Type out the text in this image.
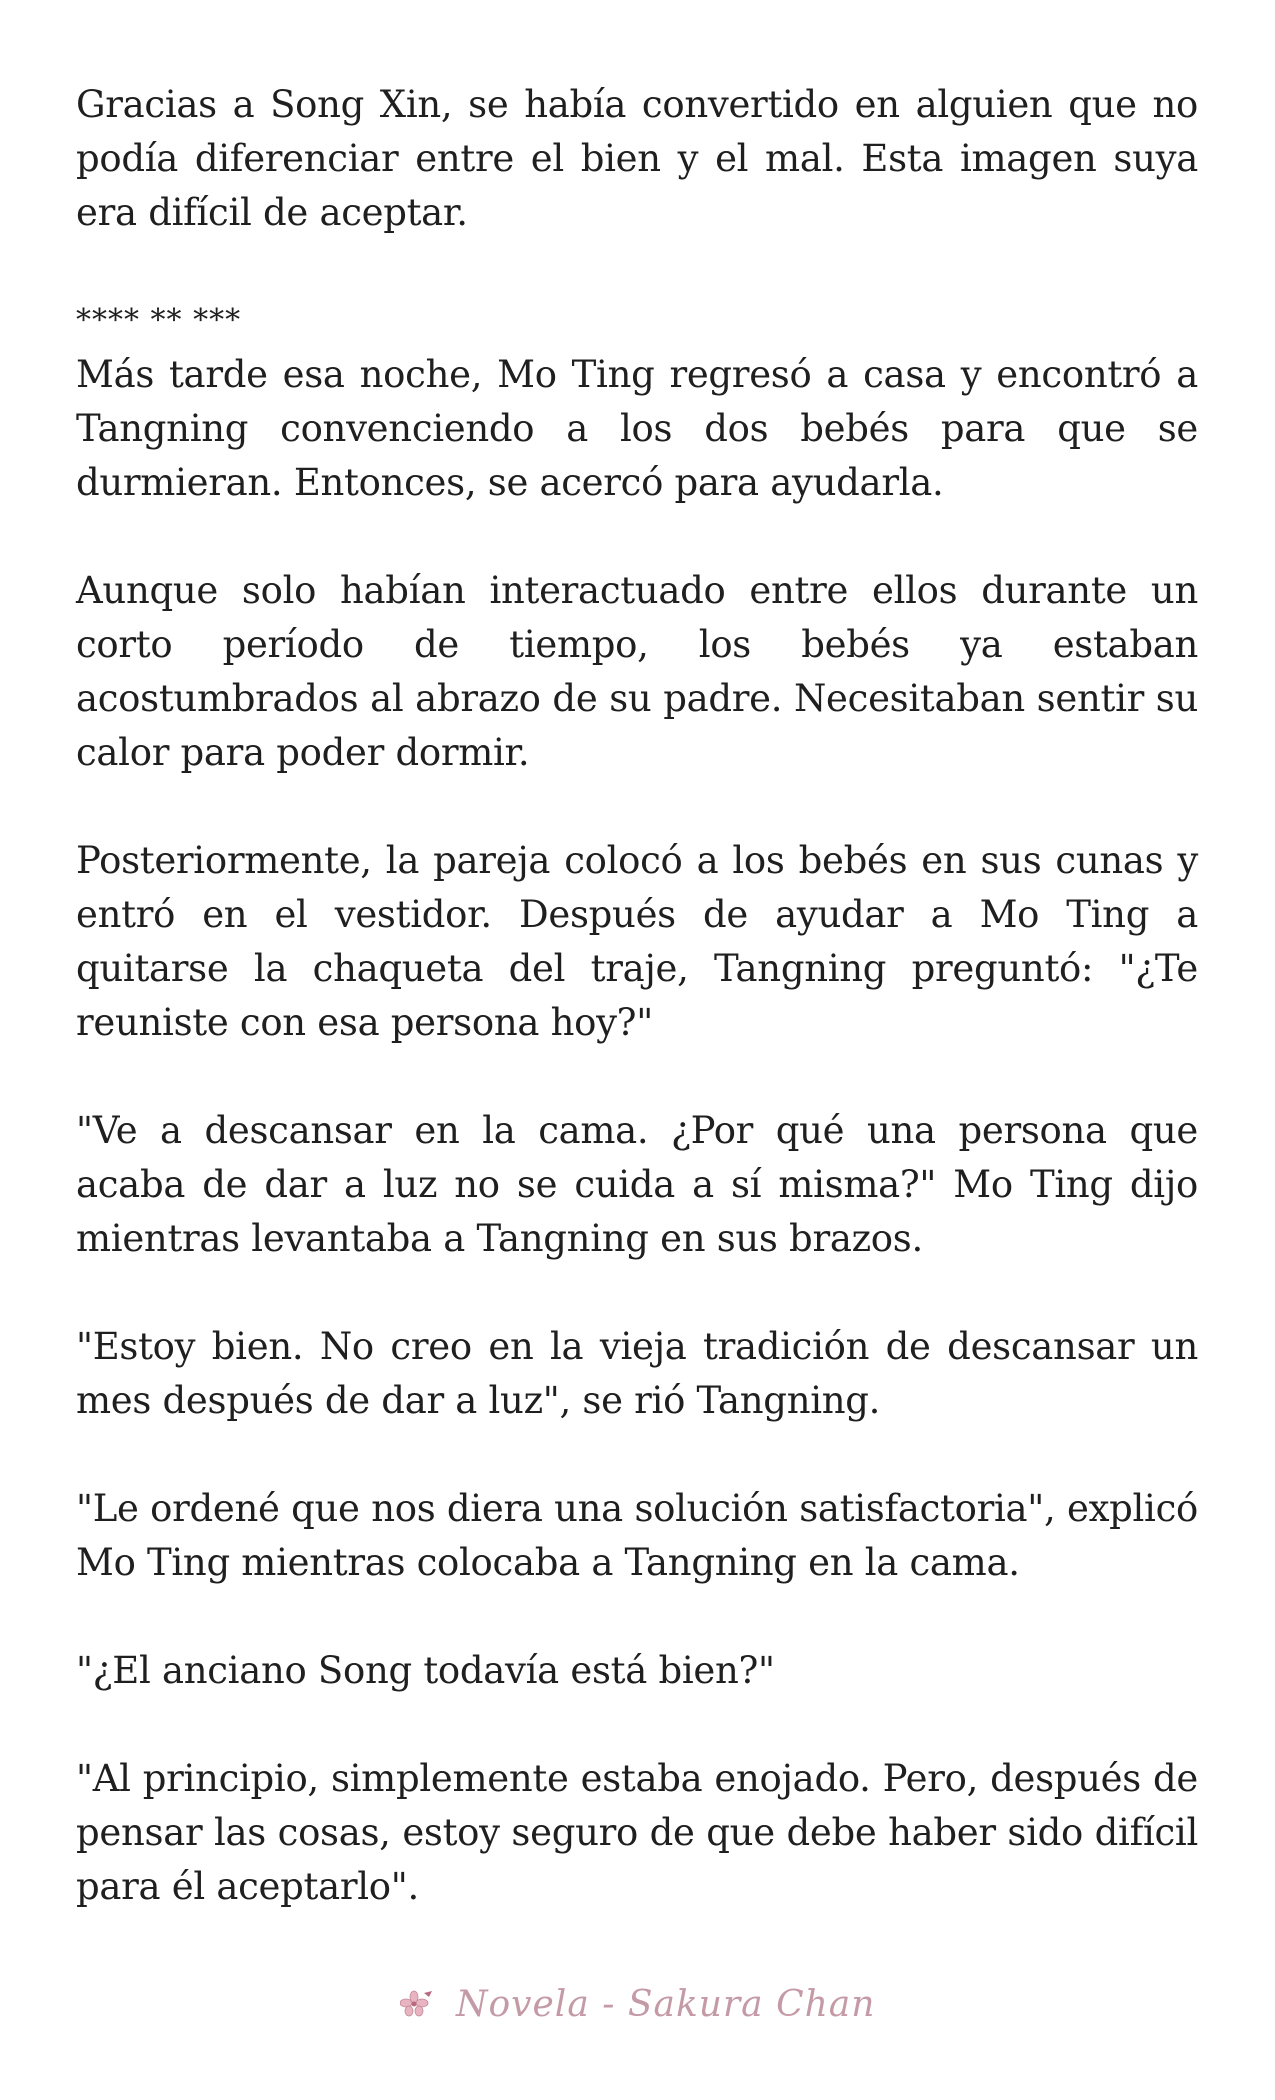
Gracias a Song Xin, se había convertido en alguien que no podía diferenciar entre el bien y el mal. Esta imagen suya era difícil de aceptar.

**** ** ***

Más tarde esa noche, Mo Ting regresó a casa y encontró a Tangning convenciendo a los dos bebés para que se durmieran. Entonces, se acercó para ayudarla.

Aunque solo habían interactuado entre ellos durante un corto período de tiempo, los bebés ya estaban acostumbrados al abrazo de su padre. Necesitaban sentir su calor para poder dormir.

Posteriormente, la pareja colocó a los bebés en sus cunas y entró en el vestidor. Después de ayudar a Mo Ting a quitarse la chaqueta del traje, Tangning preguntó: "¿Te reuniste con esa persona hoy?"

"Ve a descansar en la cama. ¿Por qué una persona que acaba de dar a luz no se cuida a sí misma?" Mo Ting dijo mientras levantaba a Tangning en sus brazos.

"Estoy bien. No creo en la vieja tradición de descansar un mes después de dar a luz", se rió Tangning.

"Le ordené que nos diera una solución satisfactoria", explicó Mo Ting mientras colocaba a Tangning en la cama.

"¿El anciano Song todavía está bien?"

"Al principio, simplemente estaba enojado. Pero, después de pensar las cosas, estoy seguro de que debe haber sido difícil para él aceptarlo".

Novela - Sakura Chan
